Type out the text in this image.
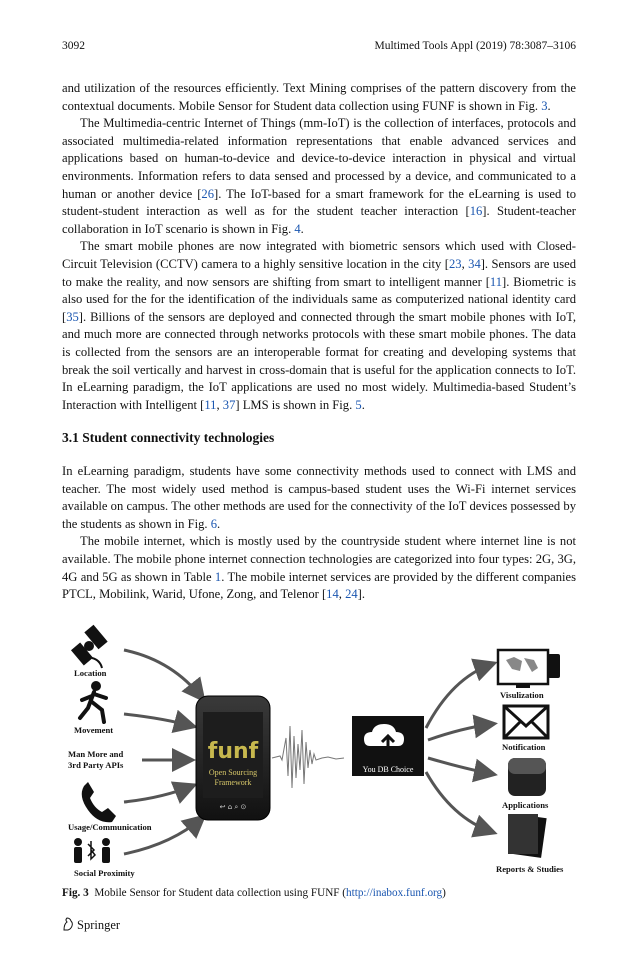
3092	Multimed Tools Appl (2019) 78:3087–3106

and utilization of the resources efficiently. Text Mining comprises of the pattern discovery from the contextual documents. Mobile Sensor for Student data collection using FUNF is shown in Fig. 3.

The Multimedia-centric Internet of Things (mm-IoT) is the collection of interfaces, protocols and associated multimedia-related information representations that enable advanced services and applications based on human-to-device and device-to-device interaction in physical and virtual environments. Information refers to data sensed and processed by a device, and communicated to a human or another device [26]. The IoT-based for a smart framework for the eLearning is used to student-student interaction as well as for the student teacher interaction [16]. Student-teacher collaboration in IoT scenario is shown in Fig. 4.

The smart mobile phones are now integrated with biometric sensors which used with Closed-Circuit Television (CCTV) camera to a highly sensitive location in the city [23, 34]. Sensors are used to make the reality, and now sensors are shifting from smart to intelligent manner [11]. Biometric is also used for the for the identification of the individuals same as computerized national identity card [35]. Billions of the sensors are deployed and connected through the smart mobile phones with IoT, and much more are connected through networks protocols with these smart mobile phones. The data is collected from the sensors are an interoperable format for creating and developing systems that break the soil vertically and harvest in cross-domain that is useful for the application connects to IoT. In eLearning paradigm, the IoT applications are used no most widely. Multimedia-based Student’s Interaction with Intelligent [11, 37] LMS is shown in Fig. 5.

3.1 Student connectivity technologies

In eLearning paradigm, students have some connectivity methods used to connect with LMS and teacher. The most widely used method is campus-based student uses the Wi-Fi internet services available on campus. The other methods are used for the connectivity of the IoT devices possessed by the students as shown in Fig. 6.

The mobile internet, which is mostly used by the countryside student where internet line is not available. The mobile phone internet connection technologies are categorized into four types: 2G, 3G, 4G and 5G as shown in Table 1. The mobile internet services are provided by the different companies PTCL, Mobilink, Warid, Ufone, Zong, and Telenor [14, 24].

Location
Movement
Man More and
3rd Party APIs
Usage/Communication
Social Proximity
funf
Open Sourcing
Framework
↩ ⌂ ⌕ ⊙
You DB Choice
Visulization
Notification
Applications
Reports & Studies
Fig. 3 Mobile Sensor for Student data collection using FUNF (http://inabox.funf.org)
Springer
